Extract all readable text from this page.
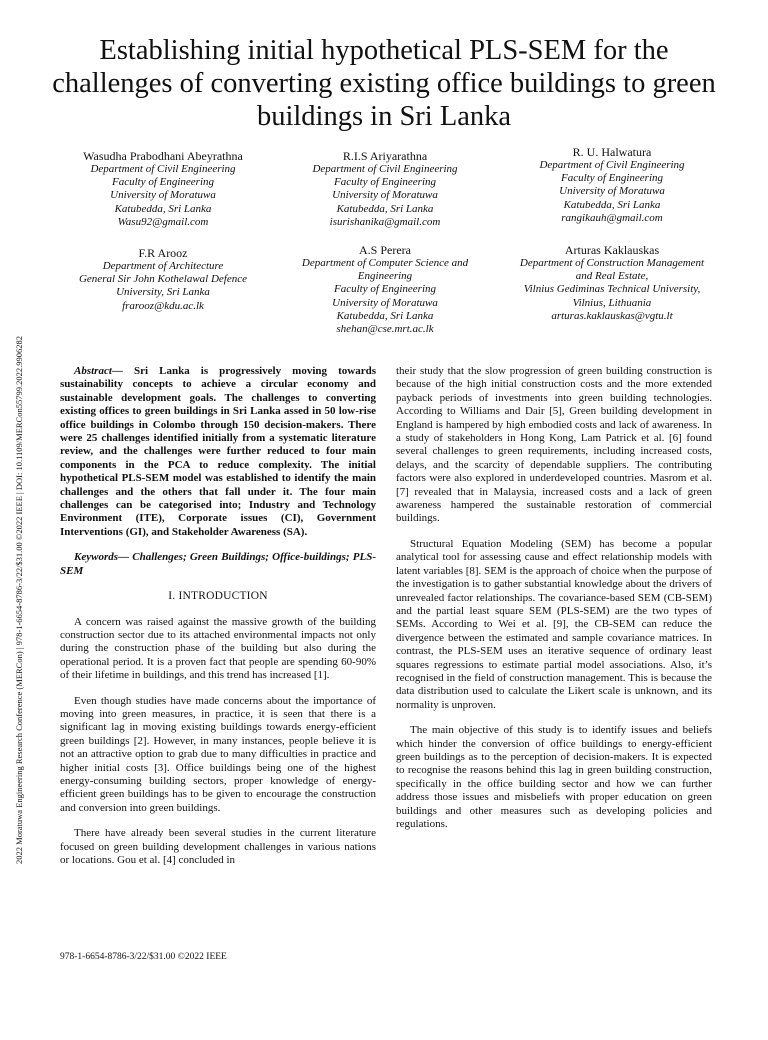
Establishing initial hypothetical PLS-SEM for the challenges of converting existing office buildings to green buildings in Sri Lanka
2022 Moratuwa Engineering Research Conference (MERCon) | 978-1-6654-8786-3/22/$31.00 ©2022 IEEE | DOI: 10.1109/MERCon55799.2022.9906282
Wasudha Prabodhani Abeyrathna
Department of Civil Engineering
Faculty of Engineering
University of Moratuwa
Katubedda, Sri Lanka
Wasu92@gmail.com
R.I.S Ariyarathna
Department of Civil Engineering
Faculty of Engineering
University of Moratuwa
Katubedda, Sri Lanka
isurishanika@gmail.com
R. U. Halwatura
Department of Civil Engineering
Faculty of Engineering
University of Moratuwa
Katubedda, Sri Lanka
rangikauh@gmail.com
F.R Arooz
Department of Architecture
General Sir John Kothelawal Defence
University, Sri Lanka
frarooz@kdu.ac.lk
A.S Perera
Department of Computer Science and
Engineering
Faculty of Engineering
University of Moratuwa
Katubedda, Sri Lanka
shehan@cse.mrt.ac.lk
Arturas Kaklauskas
Department of Construction Management
and Real Estate,
Vilnius Gediminas Technical University,
Vilnius, Lithuania
arturas.kaklauskas@vgtu.lt

Abstract— Sri Lanka is progressively moving towards sustainability concepts to achieve a circular economy and sustainable development goals. The challenges to converting existing offices to green buildings in Sri Lanka assed in 50 low-rise office buildings in Colombo through 150 decision-makers. There were 25 challenges identified initially from a systematic literature review, and the challenges were further reduced to four main components in the PCA to reduce complexity. The initial hypothetical PLS-SEM model was established to identify the main challenges and the others that fall under it. The four main challenges can be categorised into; Industry and Technology Environment (ITE), Corporate issues (CI), Government Interventions (GI), and Stakeholder Awareness (SA).

Keywords— Challenges; Green Buildings; Office-buildings; PLS-SEM

I. INTRODUCTION

A concern was raised against the massive growth of the building construction sector due to its attached environmental impacts not only during the construction phase of the building but also during the operational period. It is a proven fact that people are spending 60-90% of their lifetime in buildings, and this trend has increased [1].

Even though studies have made concerns about the importance of moving into green measures, in practice, it is seen that there is a significant lag in moving existing buildings towards energy-efficient green buildings [2]. However, in many instances, people believe it is not an attractive option to grab due to many difficulties in practice and higher initial costs [3]. Office buildings being one of the highest energy-consuming building sectors, proper knowledge of energy-efficient green buildings has to be given to encourage the construction and conversion into green buildings.

There have already been several studies in the current literature focused on green building development challenges in various nations or locations. Gou et al. [4] concluded in

their study that the slow progression of green building construction is because of the high initial construction costs and the more extended payback periods of investments into green building technologies. According to Williams and Dair [5], Green building development in England is hampered by high embodied costs and lack of awareness. In a study of stakeholders in Hong Kong, Lam Patrick et al. [6] found several challenges to green requirements, including increased costs, delays, and the scarcity of dependable suppliers. The contributing factors were also explored in underdeveloped countries. Masrom et al. [7] revealed that in Malaysia, increased costs and a lack of green awareness hampered the sustainable restoration of commercial buildings.

Structural Equation Modeling (SEM) has become a popular analytical tool for assessing cause and effect relationship models with latent variables [8]. SEM is the approach of choice when the purpose of the investigation is to gather substantial knowledge about the drivers of unrevealed factor relationships. The covariance-based SEM (CB-SEM) and the partial least square SEM (PLS-SEM) are the two types of SEMs. According to Wei et al. [9], the CB-SEM can reduce the divergence between the estimated and sample covariance matrices. In contrast, the PLS-SEM uses an iterative sequence of ordinary least squares regressions to estimate partial model associations. Also, it’s recognised in the field of construction management. This is because the data distribution used to calculate the Likert scale is unknown, and its normality is unproven.

The main objective of this study is to identify issues and beliefs which hinder the conversion of office buildings to energy-efficient green buildings as to the perception of decision-makers. It is expected to recognise the reasons behind this lag in green building construction, specifically in the office building sector and how we can further address those issues and misbeliefs with proper education on green buildings and other measures such as developing policies and regulations.

978-1-6654-8786-3/22/$31.00 ©2022 IEEE
